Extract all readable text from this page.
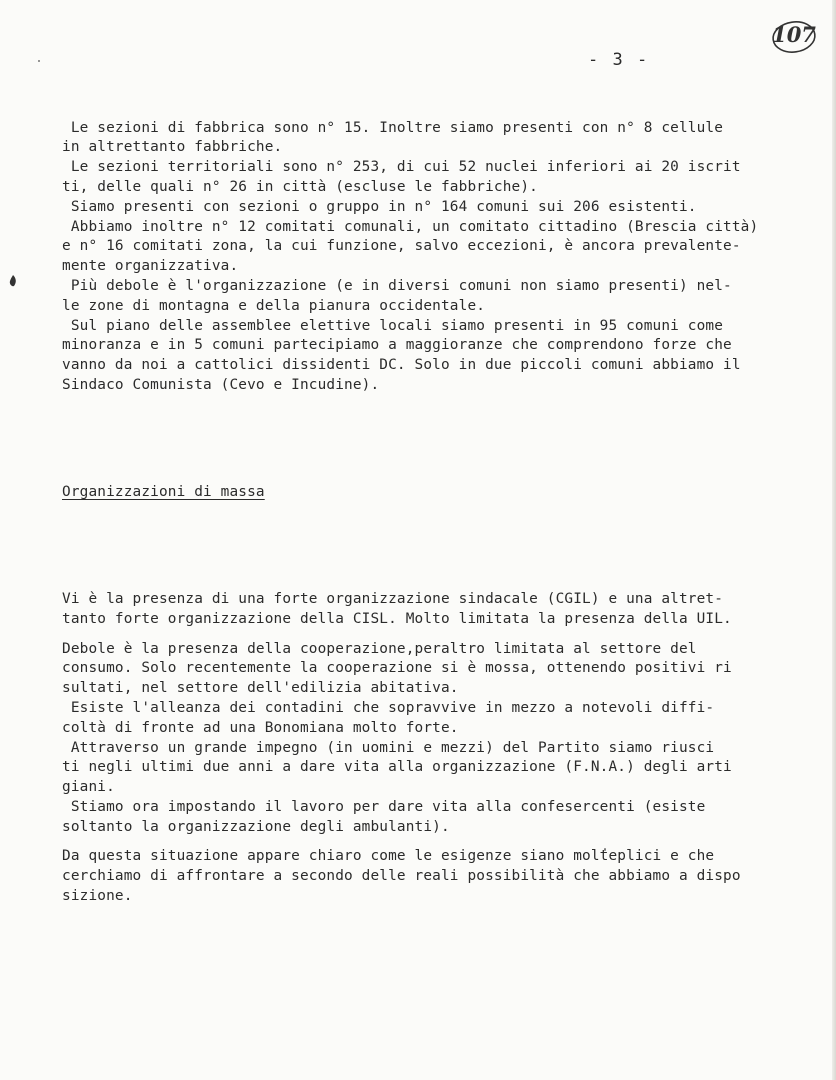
- 3 -
107

Le sezioni di fabbrica sono n° 15. Inoltre siamo presenti con n° 8 cellule
in altrettanto fabbriche.
Le sezioni territoriali sono n° 253, di cui 52 nuclei inferiori ai 20 iscrit
ti, delle quali n° 26 in città (escluse le fabbriche).
Siamo presenti con sezioni o gruppo in n° 164 comuni sui 206 esistenti.
Abbiamo inoltre n° 12 comitati comunali, un comitato cittadino (Brescia città)
e n° 16 comitati zona, la cui funzione, salvo eccezioni, è ancora prevalente-
mente organizzativa.
Più debole è l'organizzazione (e in diversi comuni non siamo presenti) nel-
le zone di montagna e della pianura occidentale.
Sul piano delle assemblee elettive locali siamo presenti in 95 comuni come
minoranza e in 5 comuni partecipiamo a maggioranze che comprendono forze che
vanno da noi a cattolici dissidenti DC. Solo in due piccoli comuni abbiamo il
Sindaco Comunista (Cevo e Incudine).

Organizzazioni di massa

Vi è la presenza di una forte organizzazione sindacale (CGIL) e una altret-
tanto forte organizzazione della CISL. Molto limitata la presenza della UIL.
Debole è la presenza della cooperazione,peraltro limitata al settore del
consumo. Solo recentemente la cooperazione si è mossa, ottenendo positivi ri
sultati, nel settore dell'edilizia abitativa.
Esiste l'alleanza dei contadini che sopravvive in mezzo a notevoli diffi-
coltà di fronte ad una Bonomiana molto forte.
Attraverso un grande impegno (in uomini e mezzi) del Partito siamo riusci
ti negli ultimi due anni a dare vita alla organizzazione (F.N.A.) degli arti
giani.
Stiamo ora impostando il lavoro per dare vita alla confesercenti (esiste
soltanto la organizzazione degli ambulanti).
Da questa situazione appare chiaro come le esigenze siano molteplici e che
cerchiamo di affrontare a secondo delle reali possibilità che abbiamo a dispo
sizione.
